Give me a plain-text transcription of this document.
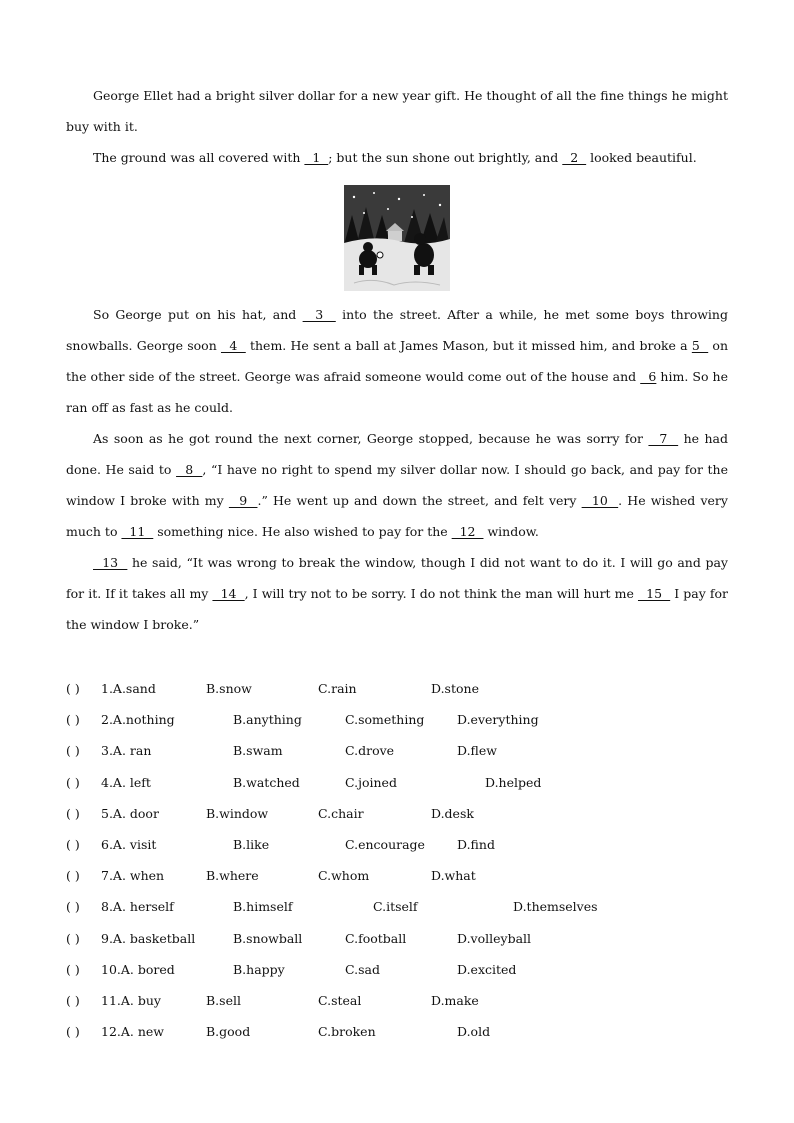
George Ellet had a bright silver dollar for a new year gift. He thought of all the fine things he might buy with it.

The ground was all covered with   1  ; but the sun shone out brightly, and   2   looked beautiful.

So George put on his hat, and   3   into the street. After a while, he met some boys throwing snowballs. George soon   4   them. He sent a ball at James Mason, but it missed him, and broke a 5   on the other side of the street. George was afraid someone would come out of the house and   6 him. So he ran off as fast as he could.

As soon as he got round the next corner, George stopped, because he was sorry for   7   he had done. He said to   8  , “I have no right to spend my silver dollar now. I should go back, and pay for the window I broke with my   9  .” He went up and down the street, and felt very   10  . He wished very much to   11   something nice. He also wished to pay for the   12   window.

13   he said, “It was wrong to break the window, though I did not want to do it. I will go and pay for it. If it takes all my   14  , I will try not to be sorry. I do not think the man will hurt me   15   I pay for the window I broke.”

( ) 1.A.sand	B.snow	C.rain	D.stone
( ) 2.A.nothing	B.anything	C.something	D.everything
( ) 3.A. ran	B.swam	C.drove	D.flew
( ) 4.A. left	B.watched	C.joined	D.helped
( ) 5.A. door	B.window	C.chair	D.desk
( ) 6.A. visit	B.like	C.encourage	D.find
( ) 7.A. when	B.where	C.whom	D.what
( ) 8.A. herself	B.himself	C.itself	D.themselves
( ) 9.A. basketball	B.snowball	C.football	D.volleyball
( ) 10.A. bored	B.happy	C.sad	D.excited
( ) 11.A. buy	B.sell	C.steal	D.make
( ) 12.A. new	B.good	C.broken	D.old
